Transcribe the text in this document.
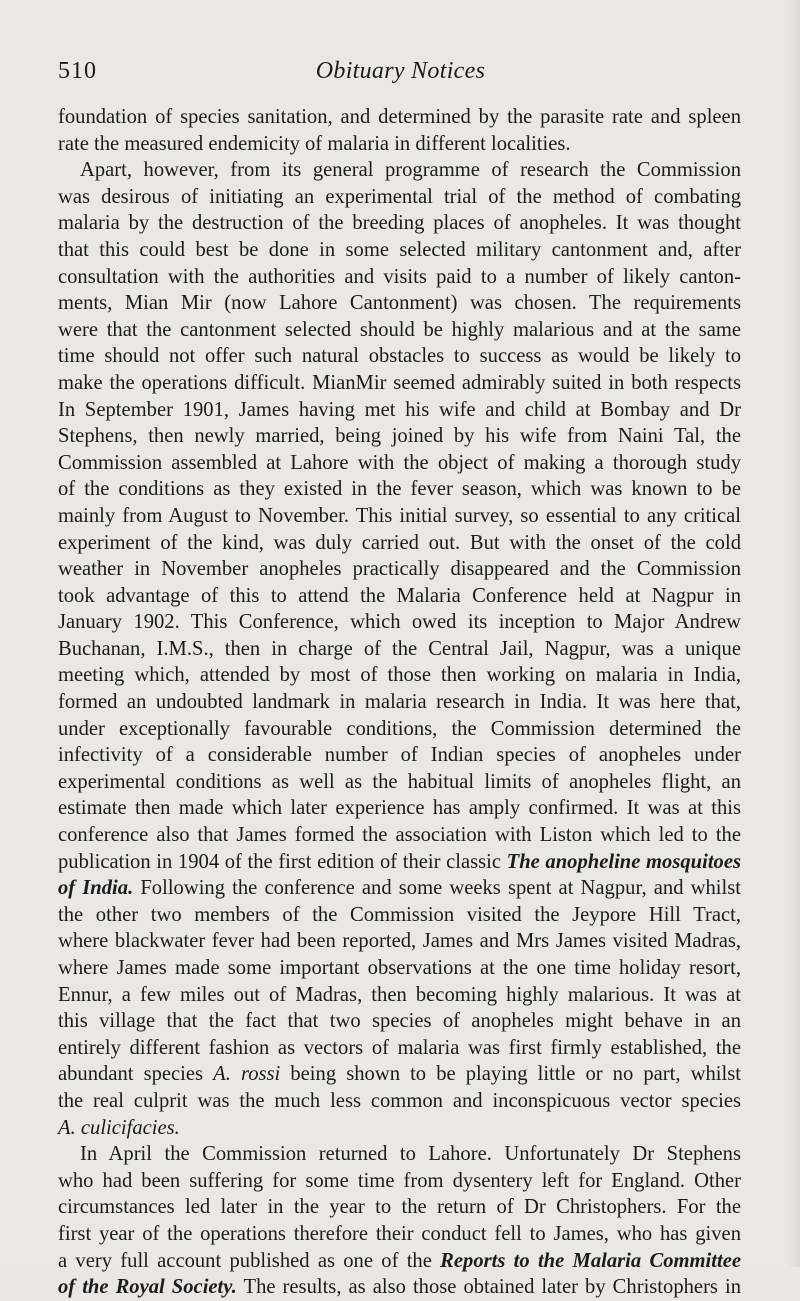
510	Obituary Notices
foundation of species sanitation, and determined by the parasite rate and spleen
rate the measured endemicity of malaria in different localities.
Apart, however, from its general programme of research the Commission
was desirous of initiating an experimental trial of the method of combating
malaria by the destruction of the breeding places of anopheles. It was thought
that this could best be done in some selected military cantonment and, after
consultation with the authorities and visits paid to a number of likely canton-
ments, Mian Mir (now Lahore Cantonment) was chosen. The requirements
were that the cantonment selected should be highly malarious and at the same
time should not offer such natural obstacles to success as would be likely to
make the operations difficult. MianMir seemed admirably suited in both respects
In September 1901, James having met his wife and child at Bombay and Dr
Stephens, then newly married, being joined by his wife from Naini Tal, the
Commission assembled at Lahore with the object of making a thorough study
of the conditions as they existed in the fever season, which was known to be
mainly from August to November. This initial survey, so essential to any critical
experiment of the kind, was duly carried out. But with the onset of the cold
weather in November anopheles practically disappeared and the Commission
took advantage of this to attend the Malaria Conference held at Nagpur in
January 1902. This Conference, which owed its inception to Major Andrew
Buchanan, I.M.S., then in charge of the Central Jail, Nagpur, was a unique
meeting which, attended by most of those then working on malaria in India,
formed an undoubted landmark in malaria research in India. It was here that,
under exceptionally favourable conditions, the Commission determined the
infectivity of a considerable number of Indian species of anopheles under
experimental conditions as well as the habitual limits of anopheles flight, an
estimate then made which later experience has amply confirmed. It was at this
conference also that James formed the association with Liston which led to the
publication in 1904 of the first edition of their classic The anopheline mosquitoes
of India. Following the conference and some weeks spent at Nagpur, and whilst
the other two members of the Commission visited the Jeypore Hill Tract,
where blackwater fever had been reported, James and Mrs James visited Madras,
where James made some important observations at the one time holiday resort,
Ennur, a few miles out of Madras, then becoming highly malarious. It was at
this village that the fact that two species of anopheles might behave in an
entirely different fashion as vectors of malaria was first firmly established, the
abundant species A. rossi being shown to be playing little or no part, whilst
the real culprit was the much less common and inconspicuous vector species
A. culicifacies.
In April the Commission returned to Lahore. Unfortunately Dr Stephens
who had been suffering for some time from dysentery left for England. Other
circumstances led later in the year to the return of Dr Christophers. For the
first year of the operations therefore their conduct fell to James, who has given
a very full account published as one of the Reports to the Malaria Committee
of the Royal Society. The results, as also those obtained later by Christophers in
